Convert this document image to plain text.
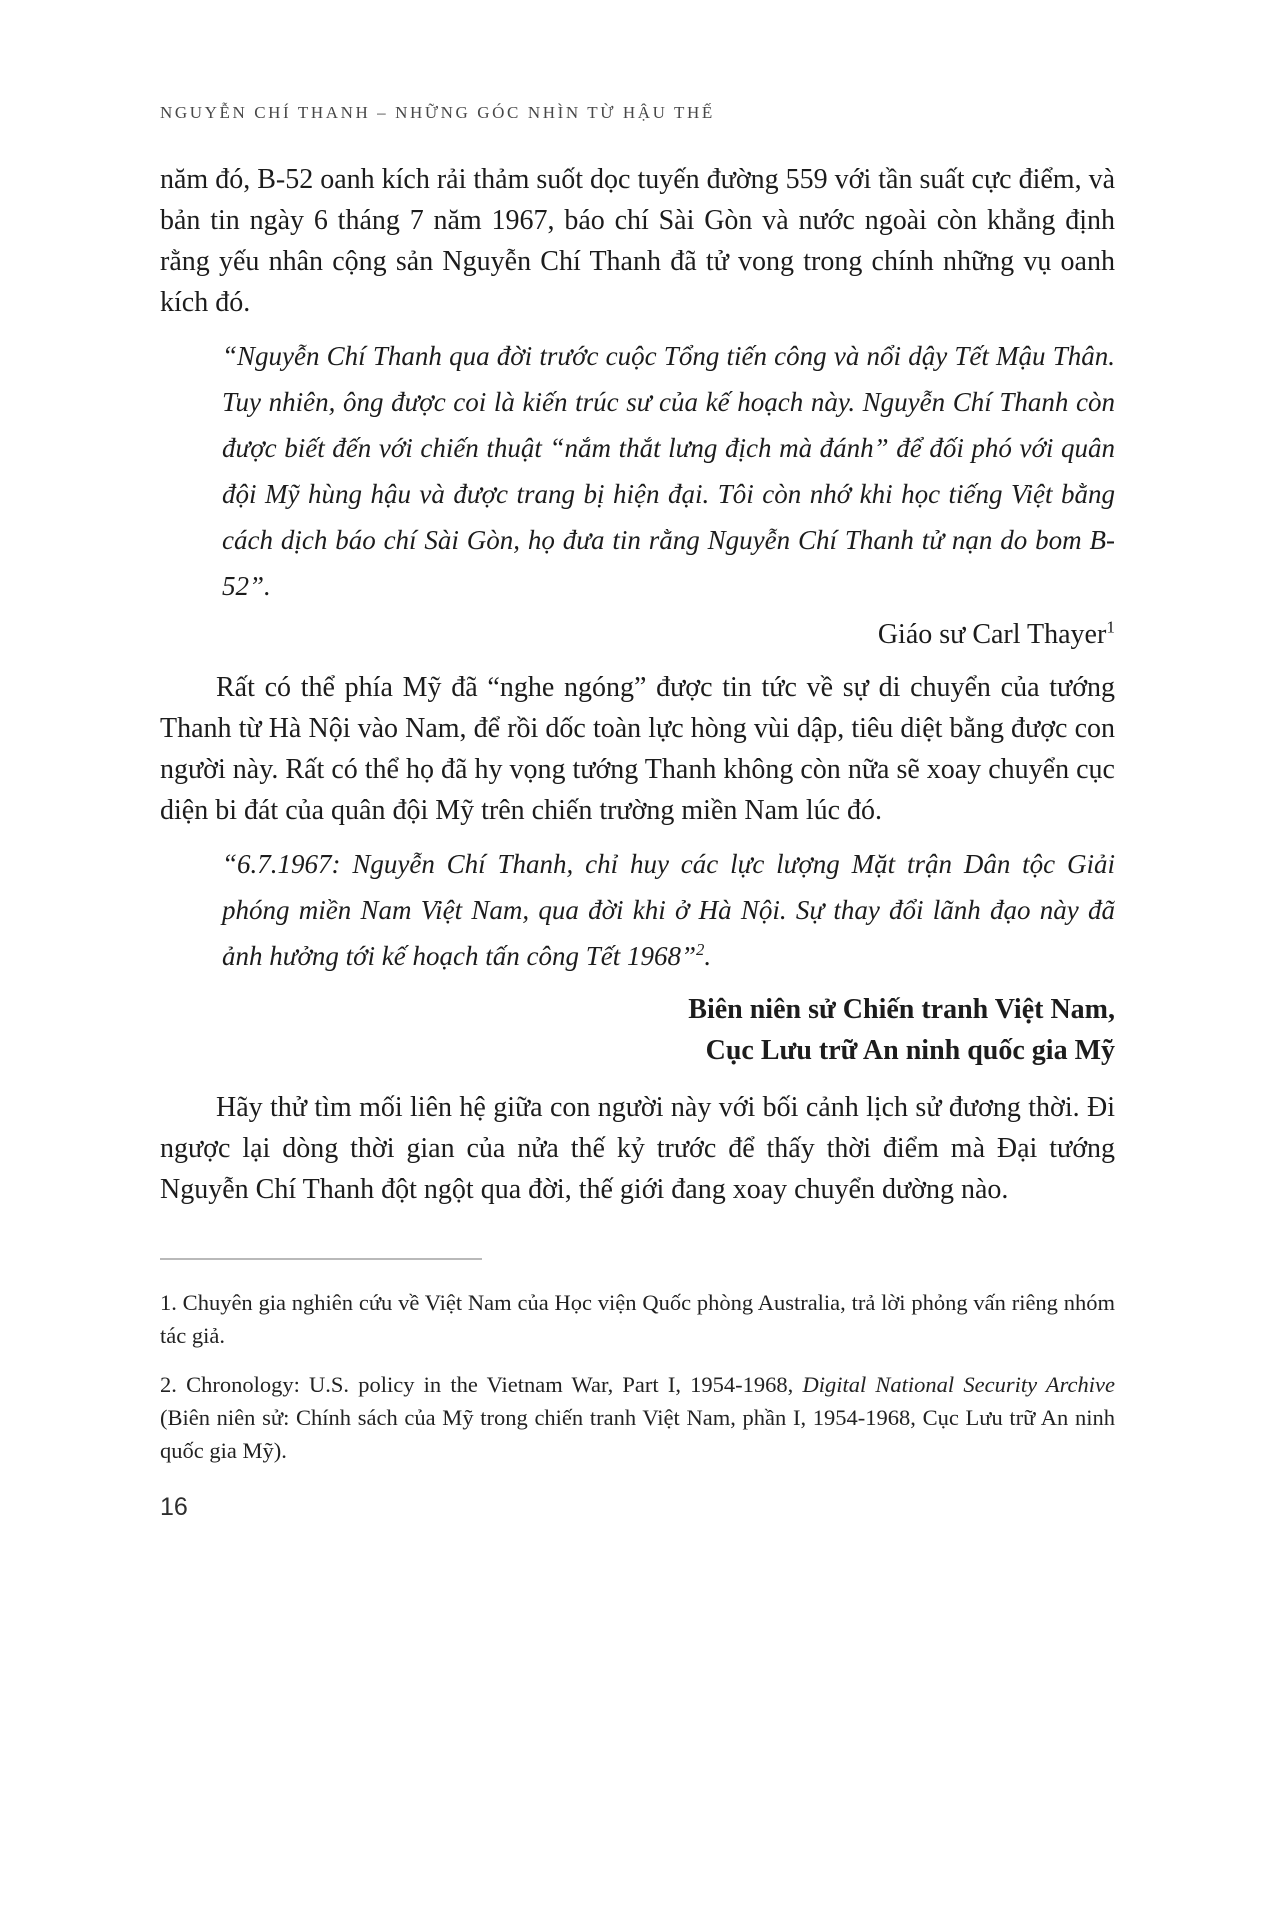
NGUYỄN CHÍ THANH – NHỮNG GÓC NHÌN TỪ HẬU THẾ

năm đó, B-52 oanh kích rải thảm suốt dọc tuyến đường 559 với tần suất cực điểm, và bản tin ngày 6 tháng 7 năm 1967, báo chí Sài Gòn và nước ngoài còn khẳng định rằng yếu nhân cộng sản Nguyễn Chí Thanh đã tử vong trong chính những vụ oanh kích đó.

“Nguyễn Chí Thanh qua đời trước cuộc Tổng tiến công và nổi dậy Tết Mậu Thân. Tuy nhiên, ông được coi là kiến trúc sư của kế hoạch này. Nguyễn Chí Thanh còn được biết đến với chiến thuật “nắm thắt lưng địch mà đánh” để đối phó với quân đội Mỹ hùng hậu và được trang bị hiện đại. Tôi còn nhớ khi học tiếng Việt bằng cách dịch báo chí Sài Gòn, họ đưa tin rằng Nguyễn Chí Thanh tử nạn do bom B-52”.
Giáo sư Carl Thayer$^1$

Rất có thể phía Mỹ đã “nghe ngóng” được tin tức về sự di chuyển của tướng Thanh từ Hà Nội vào Nam, để rồi dốc toàn lực hòng vùi dập, tiêu diệt bằng được con người này. Rất có thể họ đã hy vọng tướng Thanh không còn nữa sẽ xoay chuyển cục diện bi đát của quân đội Mỹ trên chiến trường miền Nam lúc đó.

“6.7.1967: Nguyễn Chí Thanh, chỉ huy các lực lượng Mặt trận Dân tộc Giải phóng miền Nam Việt Nam, qua đời khi ở Hà Nội. Sự thay đổi lãnh đạo này đã ảnh hưởng tới kế hoạch tấn công Tết 1968”$^2$.
Biên niên sử Chiến tranh Việt Nam,
Cục Lưu trữ An ninh quốc gia Mỹ

Hãy thử tìm mối liên hệ giữa con người này với bối cảnh lịch sử đương thời. Đi ngược lại dòng thời gian của nửa thế kỷ trước để thấy thời điểm mà Đại tướng Nguyễn Chí Thanh đột ngột qua đời, thế giới đang xoay chuyển dường nào.

1. Chuyên gia nghiên cứu về Việt Nam của Học viện Quốc phòng Australia, trả lời phỏng vấn riêng nhóm tác giả.

2. Chronology: U.S. policy in the Vietnam War, Part I, 1954-1968, Digital National Security Archive (Biên niên sử: Chính sách của Mỹ trong chiến tranh Việt Nam, phần I, 1954-1968, Cục Lưu trữ An ninh quốc gia Mỹ).

16
